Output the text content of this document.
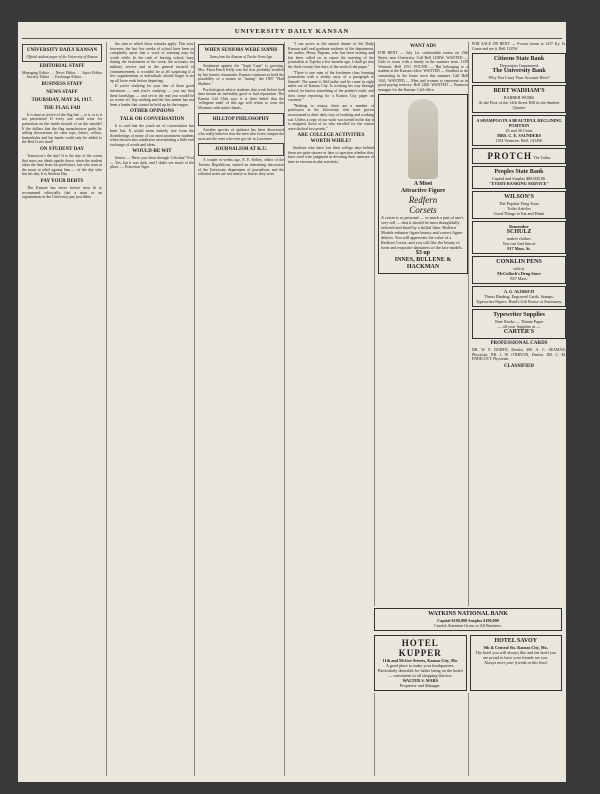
UNIVERSITY DAILY KANSAN
UNIVERSITY DAILY KANSAN
Official student paper of the University of Kansas
EDITORIAL STAFF
Managing Editor … News Editor … Sport Editor … Society Editor … Exchange Editor …
BUSINESS STAFF
NEWS STAFF
THURSDAY, MAY 24, 1917.
THE FLAG FAD

It is time to revive of the flag fad — is it, or is it not patriotism? If every one could wear for patriotism on the inside instead of on the outside! If the dollars that the flag manufacturer grabs by selling decorations for shoe tops, letters, collars, buttonholes and hat bands could only be added to the Red Cross fund!

ON STUDENT DAY

Tomorrow's the day! It is the day of the warm that turns our ideals upside down, when the student takes the lime from his professors, but who rises at the noon to rebel against him — of the day who has his day. It is Student Day.

PAY YOUR DEBTS

The Kansan has never before seen fit to recommend editorially that a man or an organization in the University pay just debts.

the cans to which these remarks apply. This year, however, the last few weeks of school have been so completely upset that a word of warning may be worth while. In the rush of leaving school, busy during the excitement of the week, the accounts for military service and in the general turmoil of commencement, it wouldn't be at all surprising if a few organizations or individuals should forget to tie up all loose ends before departing.

If you're studying for your fear of those good intentions — and you're studying — you say that these hardships — and yet in the end you would be no worse off. Say nothing and the first matter has not been a leader that cannot be held up by the tongue.

OTHER OPINIONS
TALK OR CONVERSATION

It is said that the youth art of conversation has been lost. It would seem entirely true from the flounderings of many of our most prominent students when thrown into conditions necessitating a little real exchange of words and ideas.

WOULD-BE WIT

Senior — Have you been through Calculus? Prof — Yes, but it was dark, and I didn't see much of the place. — Princeton Tiger.

WHEN SENIORS WERE SOPHS
Items from the Kansan of Twelve Years Ago

Sentiment against the "Soph Cape" is growing. Mrs. Flora Finch Kelly was the first probably recalled by her former classmates. Kansas continues to hold the possibility of a seance in "tuning" the 1907 "Hail Shakers."

Psychologists advise students that work before bed time means an inevitably good or bad reputation. The Kansas Girl Club says it is their belief that the 'collegiate male' of this age will refuse to wear the bloomers with mini's hands.

HILLTOP PHILOSOPHY

Another species of optimist has been discovered who really believes that the men who leave campus the most are the ones who ever got far in Lawrence.

JOURNALISM AT K.U.

A couple of weeks ago, E. E. Kelley, editor of the Toronto Republican, started an interesting discussion of the University department of journalism, and the editorial notes are not nearly so bad as they were.

"I can prove at the annual dinner of the Daily Kansan staff and graduate students of the department, the author, Henry Pegram, who has been visiting and has been called on to report the meeting of the journalists at Topeka a few months ago, I shall go into the thick twenty-five days of the work of the paper."

"There is one man of the freshmen class learning journalism with a steady carry of a paragraph to himself. The name is McCarthy and he came in eight miles out of Kansas City. Is working his way through school, he knows something of the printer's trade, and does some reporting for a Kansas City paper on vacation."

"Nothing to reason, there are a number of professors at the University who have grown accustomed to their daily way of teaching and working out. Unless a copy of our work was turned in the day it is assigned, those of us who enrolled for the course were docked two points."

ARE COLLEGE ACTIVITIES WORTH WHILE?

Students who have lost their college days behind them are quite sincere or later to question whether they have used wise judgment in devoting their measure of time to extracurricular activities.

WANT ADS
FOR RENT — July 1st, comfortable rooms on 13th Street, near University. Call Bell 1238W. WANTED — Girls to room with a family in the summer term. 1139 Vermont. Bell 1551. FOUND — Hat belonging to a student at the Kansan office. WANTED — Students to do canvassing in the home town this summer. Call Bell 1041. WANTED — Men and women to represent us in good paying territory. Bell 1200. WANTED — Business manager for the Kansan. Call office.
A Most
Attractive Figure
Redfern
Corsets
A corset is so personal — so much a part of one's very self — that it should be most thoughtfully selected and fitted by a skilful fitter. Redfern Models enhance figure beauty and correct figure defects. You will appreciate the value of a Redfern Corset, and you will like the beauty of form and exquisite daintiness of the lace models.
$3 up
INNES, BULLENE & HACKMAN
FOR SALE OR RENT — 9-room house at 1417 Ky. St. Come and see it. Bell 1125W.
Citizens State Bank
Depositors Guaranteed
The University Bank
Why Not Carry Your Account Here?
BERT WADHAM'S
BARBER WORK
At the Foot of the 14th Street Hill in the Student Quarter
A SHAMPOO IN A BEAUTIFUL RECLINING POSITION
25 and 36 Cents
MRS. C. E. SAUNDERS
1104 Vermont. Bell, 1414W.
PROTCH The Tailor
Peoples State Bank
Capital and Surplus $80,000.00.
"EVERY BANKING SERVICE"
WILSON'S
The Popular Drug Store
Toilet Articles
Good Things to Eat and Drink
Remember
SCHULZ
makes clothes
You can find him at
917 Mass. St.
CONKLIN PENS
sold at
McCulloch's Drug Store
847 Mass.
A. G. ALDRICH
Thesis Binding, Engraved Cards, Stamps, Typewriter Papers. Hurd's Gilt Rouse of Stationery.
Typewriter Supplies
Note Books — Theme Paper
— all your Supplies at —
CARTER'S
PROFESSIONAL CARDS
DR. W. F. DODEN, Dentist. DR. A. C. SEAMAN, Physician. DR. J. W. O'BRYON, Dentist. DR. C. M. ENDICOTT, Physician.
CLASSIFIED
WATKINS NATIONAL BANK
Capital $100,000 Surplus $100,000
Careful Attention Given to All Business.
HOTEL
KUPPER
11th and McGee Streets, Kansas City, Mo.
A good place to make your headquarters. Particularly desirable for ladies being on the board — convenient to all shopping districts.
WALTER S. MARS
Proprietor and Manager.
HOTEL SAVOY
9th & Central Sts. Kansas City, Mo.
The hotel you will always like and the hotel you are proud to have your friends see you.
Always meet your friends at this hotel
